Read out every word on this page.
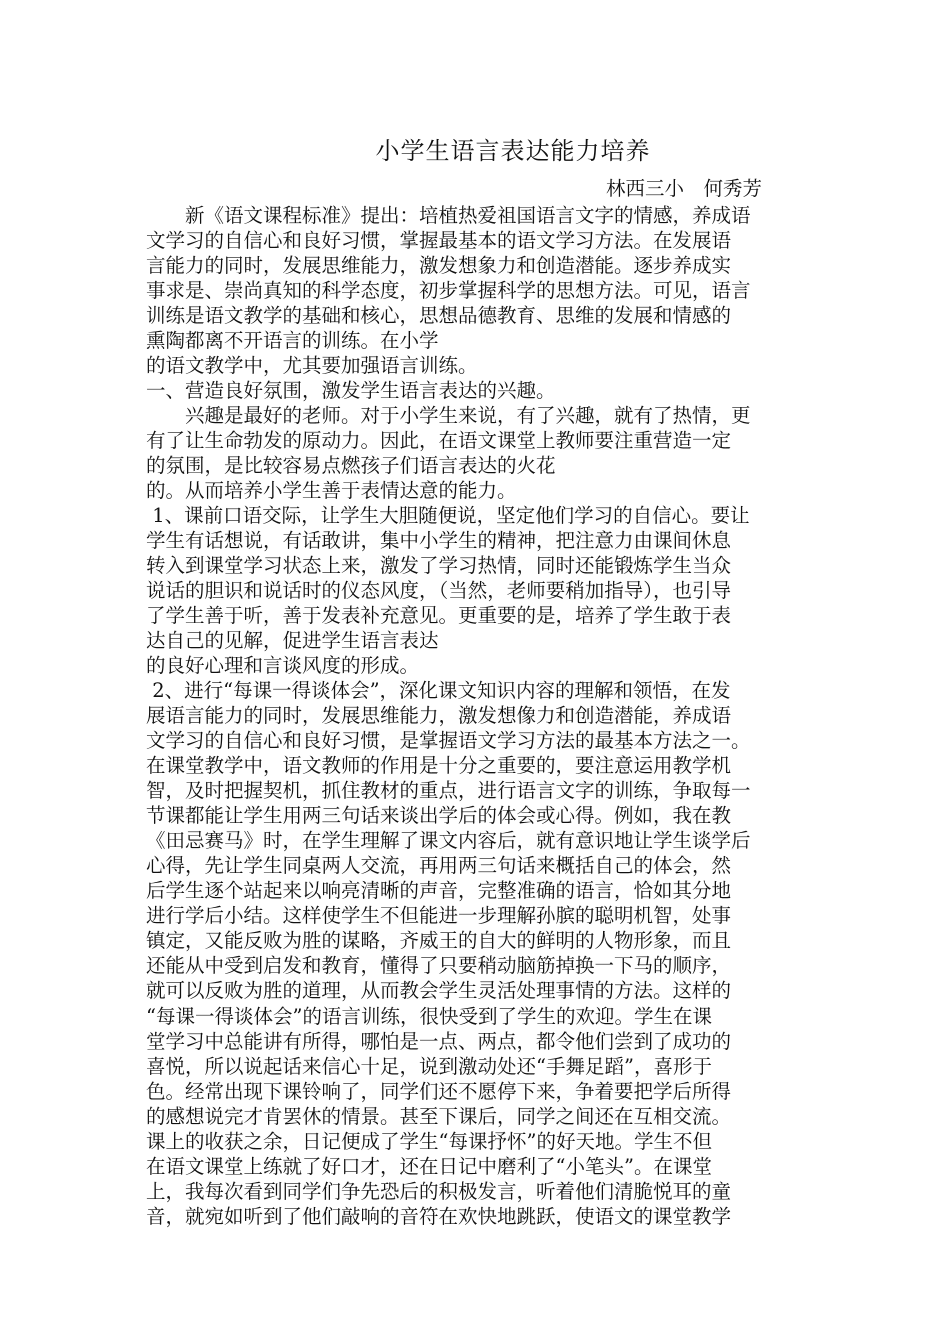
小学生语言表达能力培养
林西三小　何秀芳
　　新《语文课程标准》提出：培植热爱祖国语言文字的情感，养成语
文学习的自信心和良好习惯，掌握最基本的语文学习方法。在发展语
言能力的同时，发展思维能力，激发想象力和创造潜能。逐步养成实
事求是、崇尚真知的科学态度，初步掌握科学的思想方法。可见，语言
训练是语文教学的基础和核心，思想品德教育、思维的发展和情感的
熏陶都离不开语言的训练。在小学
的语文教学中，尤其要加强语言训练。
一、营造良好氛围，激发学生语言表达的兴趣。
　　兴趣是最好的老师。对于小学生来说，有了兴趣，就有了热情，更
有了让生命勃发的原动力。因此，在语文课堂上教师要注重营造一定
的氛围，是比较容易点燃孩子们语言表达的火花
的。从而培养小学生善于表情达意的能力。
1、课前口语交际，让学生大胆随便说，坚定他们学习的自信心。要让
学生有话想说，有话敢讲，集中小学生的精神，把注意力由课间休息
转入到课堂学习状态上来，激发了学习热情，同时还能锻炼学生当众
说话的胆识和说话时的仪态风度，（当然，老师要稍加指导），也引导
了学生善于听，善于发表补充意见。更重要的是，培养了学生敢于表
达自己的见解，促进学生语言表达
的良好心理和言谈风度的形成。
2、进行“每课一得谈体会”，深化课文知识内容的理解和领悟，在发
展语言能力的同时，发展思维能力，激发想像力和创造潜能，养成语
文学习的自信心和良好习惯，是掌握语文学习方法的最基本方法之一。
在课堂教学中，语文教师的作用是十分之重要的，要注意运用教学机
智，及时把握契机，抓住教材的重点，进行语言文字的训练，争取每一
节课都能让学生用两三句话来谈出学后的体会或心得。例如，我在教
《田忌赛马》时，在学生理解了课文内容后，就有意识地让学生谈学后
心得，先让学生同桌两人交流，再用两三句话来概括自己的体会，然
后学生逐个站起来以响亮清晰的声音，完整准确的语言，恰如其分地
进行学后小结。这样使学生不但能进一步理解孙膑的聪明机智，处事
镇定，又能反败为胜的谋略，齐威王的自大的鲜明的人物形象，而且
还能从中受到启发和教育，懂得了只要稍动脑筋掉换一下马的顺序，
就可以反败为胜的道理，从而教会学生灵活处理事情的方法。这样的
“每课一得谈体会”的语言训练，很快受到了学生的欢迎。学生在课
堂学习中总能讲有所得，哪怕是一点、两点，都令他们尝到了成功的
喜悦，所以说起话来信心十足，说到激动处还“手舞足蹈”，喜形于
色。经常出现下课铃响了，同学们还不愿停下来，争着要把学后所得
的感想说完才肯罢休的情景。甚至下课后，同学之间还在互相交流。
课上的收获之余，日记便成了学生“每课抒怀”的好天地。学生不但
在语文课堂上练就了好口才，还在日记中磨利了“小笔头”。在课堂
上，我每次看到同学们争先恐后的积极发言，听着他们清脆悦耳的童
音，就宛如听到了他们敲响的音符在欢快地跳跃，使语文的课堂教学
